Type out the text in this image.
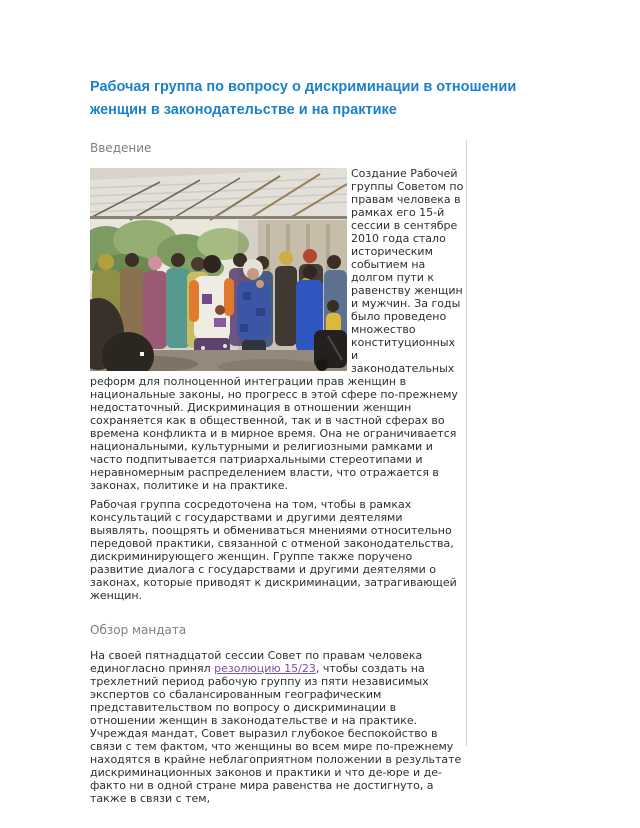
Рабочая группа по вопросу о дискриминации в отношении женщин в законодательстве и на практике
Введение

Создание Рабочей группы Советом по правам человека в рамках его 15-й сессии в сентябре 2010 года стало историческим событием на долгом пути к равенству женщин и мужчин. За годы было проведено множество конституционных и законодательных реформ для полноценной интеграции прав женщин в национальные законы, но прогресс в этой сфере по-прежнему недостаточный. Дискриминация в отношении женщин сохраняется как в общественной, так и в частной сферах во времена конфликта и в мирное время. Она не ограничивается национальными, культурными и религиозными рамками и часто подпитывается патриархальными стереотипами и неравномерным распределением власти, что отражается в законах, политике и на практике.

Рабочая группа сосредоточена на том, чтобы в рамках консультаций с государствами и другими деятелями выявлять, поощрять и обмениваться мнениями относительно передовой практики, связанной с отменой законодательства, дискриминирующего женщин. Группе также поручено развитие диалога с государствами и другими деятелями о законах, которые приводят к дискриминации, затрагивающей женщин.

Обзор мандата

На своей пятнадцатой сессии Совет по правам человека единогласно принял резолюцию 15/23, чтобы создать на трехлетний период рабочую группу из пяти независимых экспертов со сбалансированным географическим представительством по вопросу о дискриминации в отношении женщин в законодательстве и на практике. Учреждая мандат, Совет выразил глубокое беспокойство в связи с тем фактом, что женщины во всем мире по-прежнему находятся в крайне неблагоприятном положении в результате дискриминационных законов и практики и что де-юре и де-факто ни в одной стране мира равенства не достигнуто, а также в связи с тем,
